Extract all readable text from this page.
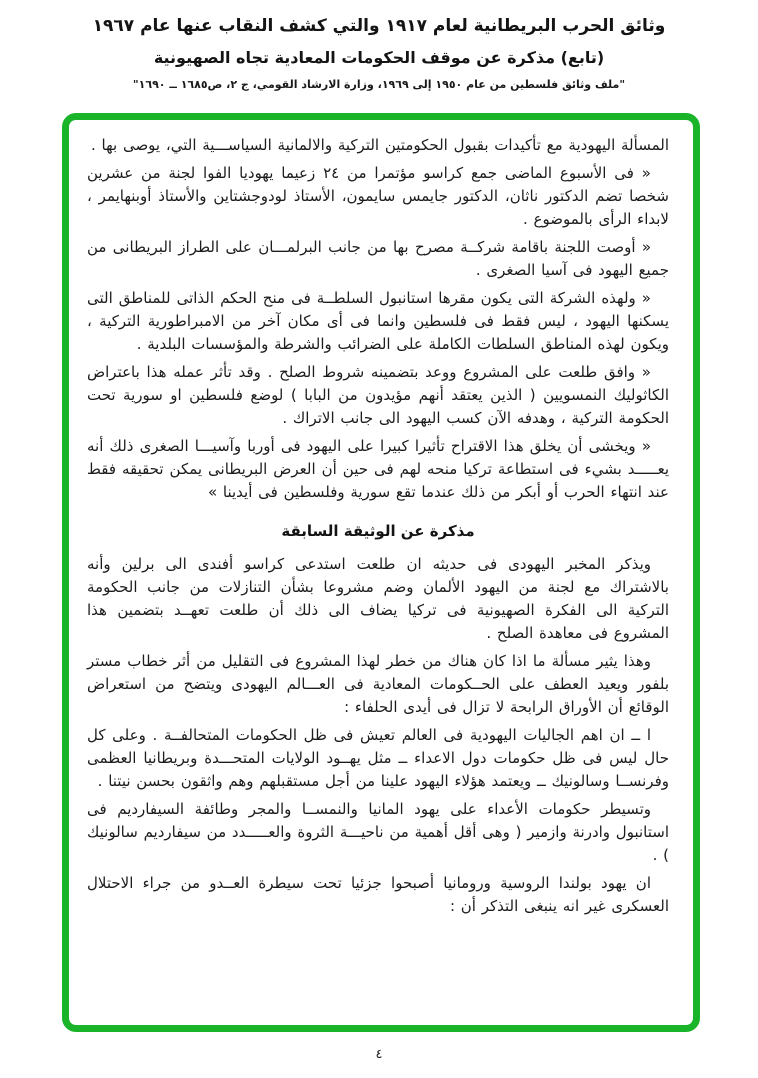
وثائق الحرب البريطانية لعام ١٩١٧ والتي كشف النقاب عنها عام ١٩٦٧
(تابع) مذكرة عن موقف الحكومات المعادية تجاه الصهيونية
"ملف وثائق فلسطين من عام ١٩٥٠ إلى ١٩٦٩، وزارة الارشاد القومي، ج ٢، ص١٦٨٥ ــ ١٦٩٠"

المسألة اليهودية مع تأكيدات بقبول الحكومتين التركية والالمانية السياســـية التي، يوصى بها .

« فى الأسبوع الماضى جمع كراسو مؤتمرا من ٢٤ زعيما يهوديا الفوا لجنة من عشرين شخصا تضم الدكتور ناثان، الدكتور جايمس سايمون، الأستاذ لودوجشتاين والأستاذ أوبنهايمر ، لابداء الرأى بالموضوع .

« أوصت اللجنة باقامة شركــة مصرح بها من جانب البرلمـــان على الطراز البريطانى من جميع اليهود فى آسيا الصغرى .

« ولهذه الشركة التى يكون مقرها استانبول السلطــة فى منح الحكم الذاتى للمناطق التى يسكنها اليهود ، ليس فقط فى فلسطين وانما فى أى مكان آخر من الامبراطورية التركية ، ويكون لهذه المناطق السلطات الكاملة على الضرائب والشرطة والمؤسسات البلدية .

« وافق طلعت على المشروع ووعد بتضمينه شروط الصلح . وقد تأثر عمله هذا باعتراض الكاثوليك النمسويين ( الذين يعتقد أنهم مؤيدون من البابا ) لوضع فلسطين او سورية تحت الحكومة التركية ، وهدفه الآن كسب اليهود الى جانب الاتراك .

« ويخشى أن يخلق هذا الاقتراح تأثيرا كبيرا على اليهود فى أوربا وآسيـــا الصغرى ذلك أنه يعـــــد بشيء فى استطاعة تركيا منحه لهم فى حين أن العرض البريطانى يمكن تحقيقه فقط عند انتهاء الحرب أو أبكر من ذلك عندما تقع سورية وفلسطين فى أيدينا »

مذكرة عن الوثيقة السابقة

ويذكر المخبر اليهودى فى حديثه ان طلعت استدعى كراسو أفندى الى برلين وأنه بالاشتراك مع لجنة من اليهود الألمان وضم مشروعا بشأن التنازلات من جانب الحكومة التركية الى الفكرة الصهيونية فى تركيا يضاف الى ذلك أن طلعت تعهــد بتضمين هذا المشروع فى معاهدة الصلح .

وهذا يثير مسألة ما اذا كان هناك من خطر لهذا المشروع فى التقليل من أثر خطاب مستر بلفور ويعيد العطف على الحــكومات المعادية فى العـــالم اليهودى ويتضح من استعراض الوقائع أن الأوراق الرابحة لا تزال فى أيدى الحلفاء :

ا ــ ان اهم الجاليات اليهودية فى العالم تعيش فى ظل الحكومات المتحالفــة . وعلى كل حال ليس فى ظل حكومات دول الاعداء ــ مثل يهــود الولايات المتحـــدة وبريطانيا العظمى وفرنســا وسالونيك ــ ويعتمد هؤلاء اليهود علينا من أجل مستقبلهم وهم واثقون بحسن نيتنا .

وتسيطر حكومات الأعداء على يهود المانيا والنمســا والمجر وطائفة السيفارديم فى استانبول وادرنة وازمير ( وهى أقل أهمية من ناحيـــة الثروة والعـــــدد من سيفارديم سالونيك ) .

ان يهود بولندا الروسية ورومانيا أصبحوا جزئيا تحت سيطرة العــدو من جراء الاحتلال العسكرى غير انه ينبغى التذكر أن :

٤
